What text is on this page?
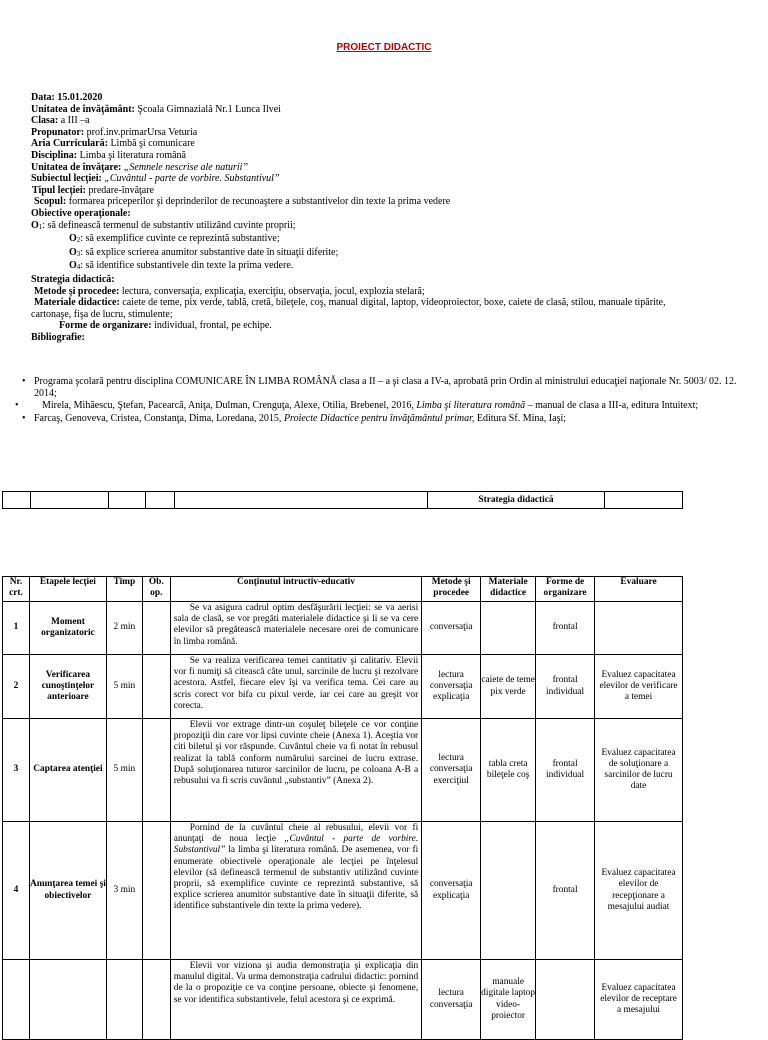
PROIECT DIDACTIC
Data: 15.01.2020
Unitatea de învăţământ: Şcoala Gimnazială Nr.1 Lunca Ilvei
Clasa: a III –a
Propunator: prof.inv.primarUrsa Veturia
Aria Curriculară: Limbă şi comunicare
Disciplina: Limba şi literatura română
Unitatea de învăţare: „Semnele nescrise ale naturii”
Subiectul lecţiei: „Cuvântul - parte de vorbire. Substantivul”
Tipul lecţiei: predare-învăţare
Scopul: formarea priceperilor şi deprinderilor de recunoaştere a substantivelor din texte la prima vedere
Obiective operaţionale:
$O_1$: să definească termenul de substantiv utilizând cuvinte proprii;
$O_2$: să exemplifice cuvinte ce reprezintă substantive;
$O_3$: să explice scrierea anumitor substantive date în situaţii diferite;
$O_4$: să identifice substantivele din texte la prima vedere.
Strategia didactică:
Metode şi procedee: lectura, conversaţia, explicaţia, exerciţiu, observaţia, jocul, explozia stelară;
Materiale didactice: caiete de teme, pix verde, tablă, cretă, bileţele, coş, manual digital, laptop, videoproiector, boxe, caiete de clasă, stilou, manuale tipărite,
cartonaşe, fişa de lucru, stimulente;
Forme de organizare: individual, frontal, pe echipe.
Bibliografie:
• Programa şcolară pentru disciplina COMUNICARE ÎN LIMBA ROMÂNĂ clasa a II – a şi clasa a IV-a, aprobată prin Ordin al ministrului educaţiei naţionale Nr. 5003/ 02. 12. 2014;
• Mirela, Mihăescu, Ştefan, Pacearcă, Aniţa, Dulman, Crenguţa, Alexe, Otilia, Brebenel, 2016, Limba şi literatura română – manual de clasa a III-a, editura Intuitext;
• Farcaş, Genoveva, Cristea, Constanţa, Dima, Loredana, 2015, Proiecte Didactice pentru învăţământul primar, Editura Sf. Mina, Iaşi;
					Strategia didactică	
Nr. crt.	Etapele lecţiei	Timp	Ob. op.	Conţinutul intructiv-educativ	Metode şi procedee	Materiale didactice	Forme de organizare	Evaluare
1	Moment organizatoric	2 min		Se va asigura cadrul optim desfăşurării lecţiei: se va aerisi sala de clasă, se vor pregăti materialele didactice şi li se va cere elevilor să pregătească materialele necesare orei de comunicare în limba română.	conversaţia		frontal	
2	Verificarea cunoştinţelor anterioare	5 min		Se va realiza verificarea temei cantitativ şi calitativ. Elevii vor fi numiţi să citească câte unul, sarcinile de lucru şi rezolvare acestora. Astfel, fiecare elev îşi va verifica tema. Cei care au scris corect vor bifa cu pixul verde, iar cei care au greşit vor corecta.	lectura conversaţia explicaţia	caiete de teme pix verde	frontal individual	Evaluez capacitatea elevilor de verificare a temei
3	Captarea atenţiei	5 min		Elevii vor extrage dintr-un coşuleţ bileţele ce vor conţine propoziţii din care vor lipsi cuvinte cheie (Anexa 1). Aceştia vor citi biletul şi vor răspunde. Cuvântul cheie va fi notat în rebusul realizat la tablă conform numărului sarcinei de lucru extrase. După soluţionarea tuturor sarcinilor de lucru, pe coloana A-B a rebusului va fi scris cuvântul „substantiv” (Anexa 2).	lectura conversaţia exerciţiul	tabla creta bileţele coş	frontal individual	Evaluez capacitatea de soluţionare a sarcinilor de lucru date
4	Anunţarea temei şi obiectivelor	3 min		Pornind de la cuvântul cheie al rebusului, elevii vor fi anunţaţi de noua lecţie „Cuvântul - parte de vorbire. Substantivul” la limba şi literatura română. De asemenea, vor fi enumerate obiectivele operaţionale ale lecţiei pe înţelesul elevilor (să definească termenul de substantiv utilizând cuvinte proprii, să exemplifice cuvinte ce reprezintă substantive, să explice scrierea anumitor substantive date în situaţii diferite, să identifice substantivele din texte la prima vedere).	conversaţia explicaţia		frontal	Evaluez capacitatea elevilor de recepţionare a mesajului audiat
				Elevii vor viziona şi audia demonstraţia şi explicaţia din manulul digital. Va urma demonstraţia cadrului didactic: pornind de la o propoziţie ce va conţine persoane, obiecte şi fenomene, se vor identifica substantivele, felul acestora şi ce exprimă.	lectura conversaţia	manuale digitale laptop video-proiector		Evaluez capacitatea elevilor de receptare a mesajului
